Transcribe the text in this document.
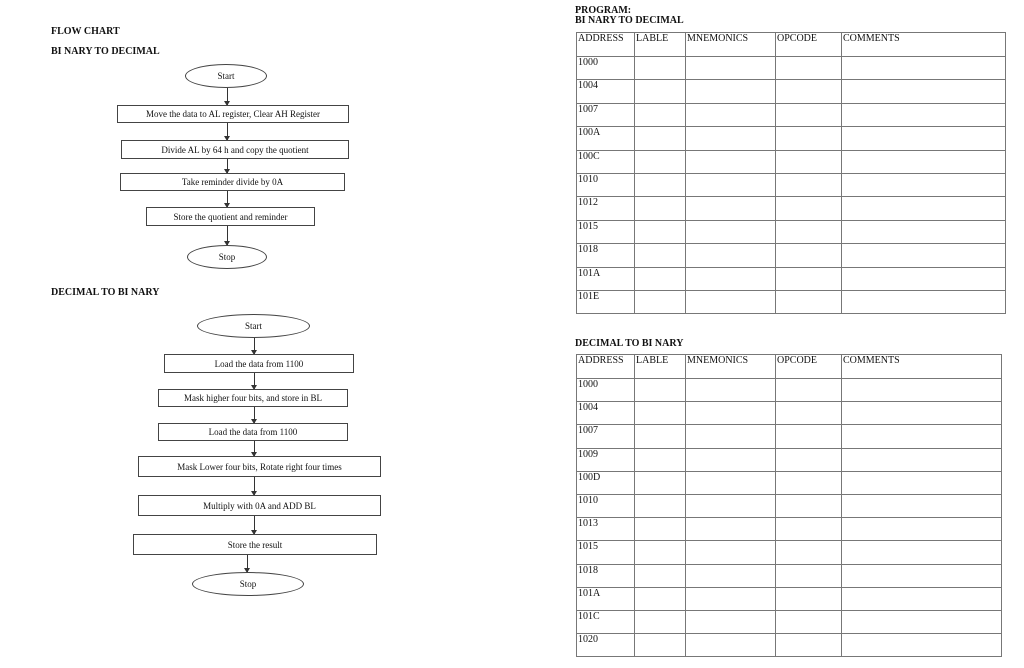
FLOW CHART
BI NARY TO DECIMAL
Start
Move the data to AL register, Clear AH Register
Divide AL by 64 h and copy the quotient
Take reminder divide by 0A
Store the quotient and reminder
Stop
DECIMAL TO BI NARY
Start
Load the data from 1100
Mask higher four bits, and store in BL
Load the data from 1100
Mask Lower four bits, Rotate right four times
Multiply with 0A and ADD BL
Store the result
Stop
PROGRAM:
BI NARY TO DECIMAL
ADDRESS	LABLE	MNEMONICS	OPCODE	COMMENTS
1000				
1004				
1007				
100A				
100C				
1010				
1012				
1015				
1018				
101A				
101E				
DECIMAL TO BI NARY
ADDRESS	LABLE	MNEMONICS	OPCODE	COMMENTS
1000				
1004				
1007				
1009				
100D				
1010				
1013				
1015				
1018				
101A				
101C				
1020				
